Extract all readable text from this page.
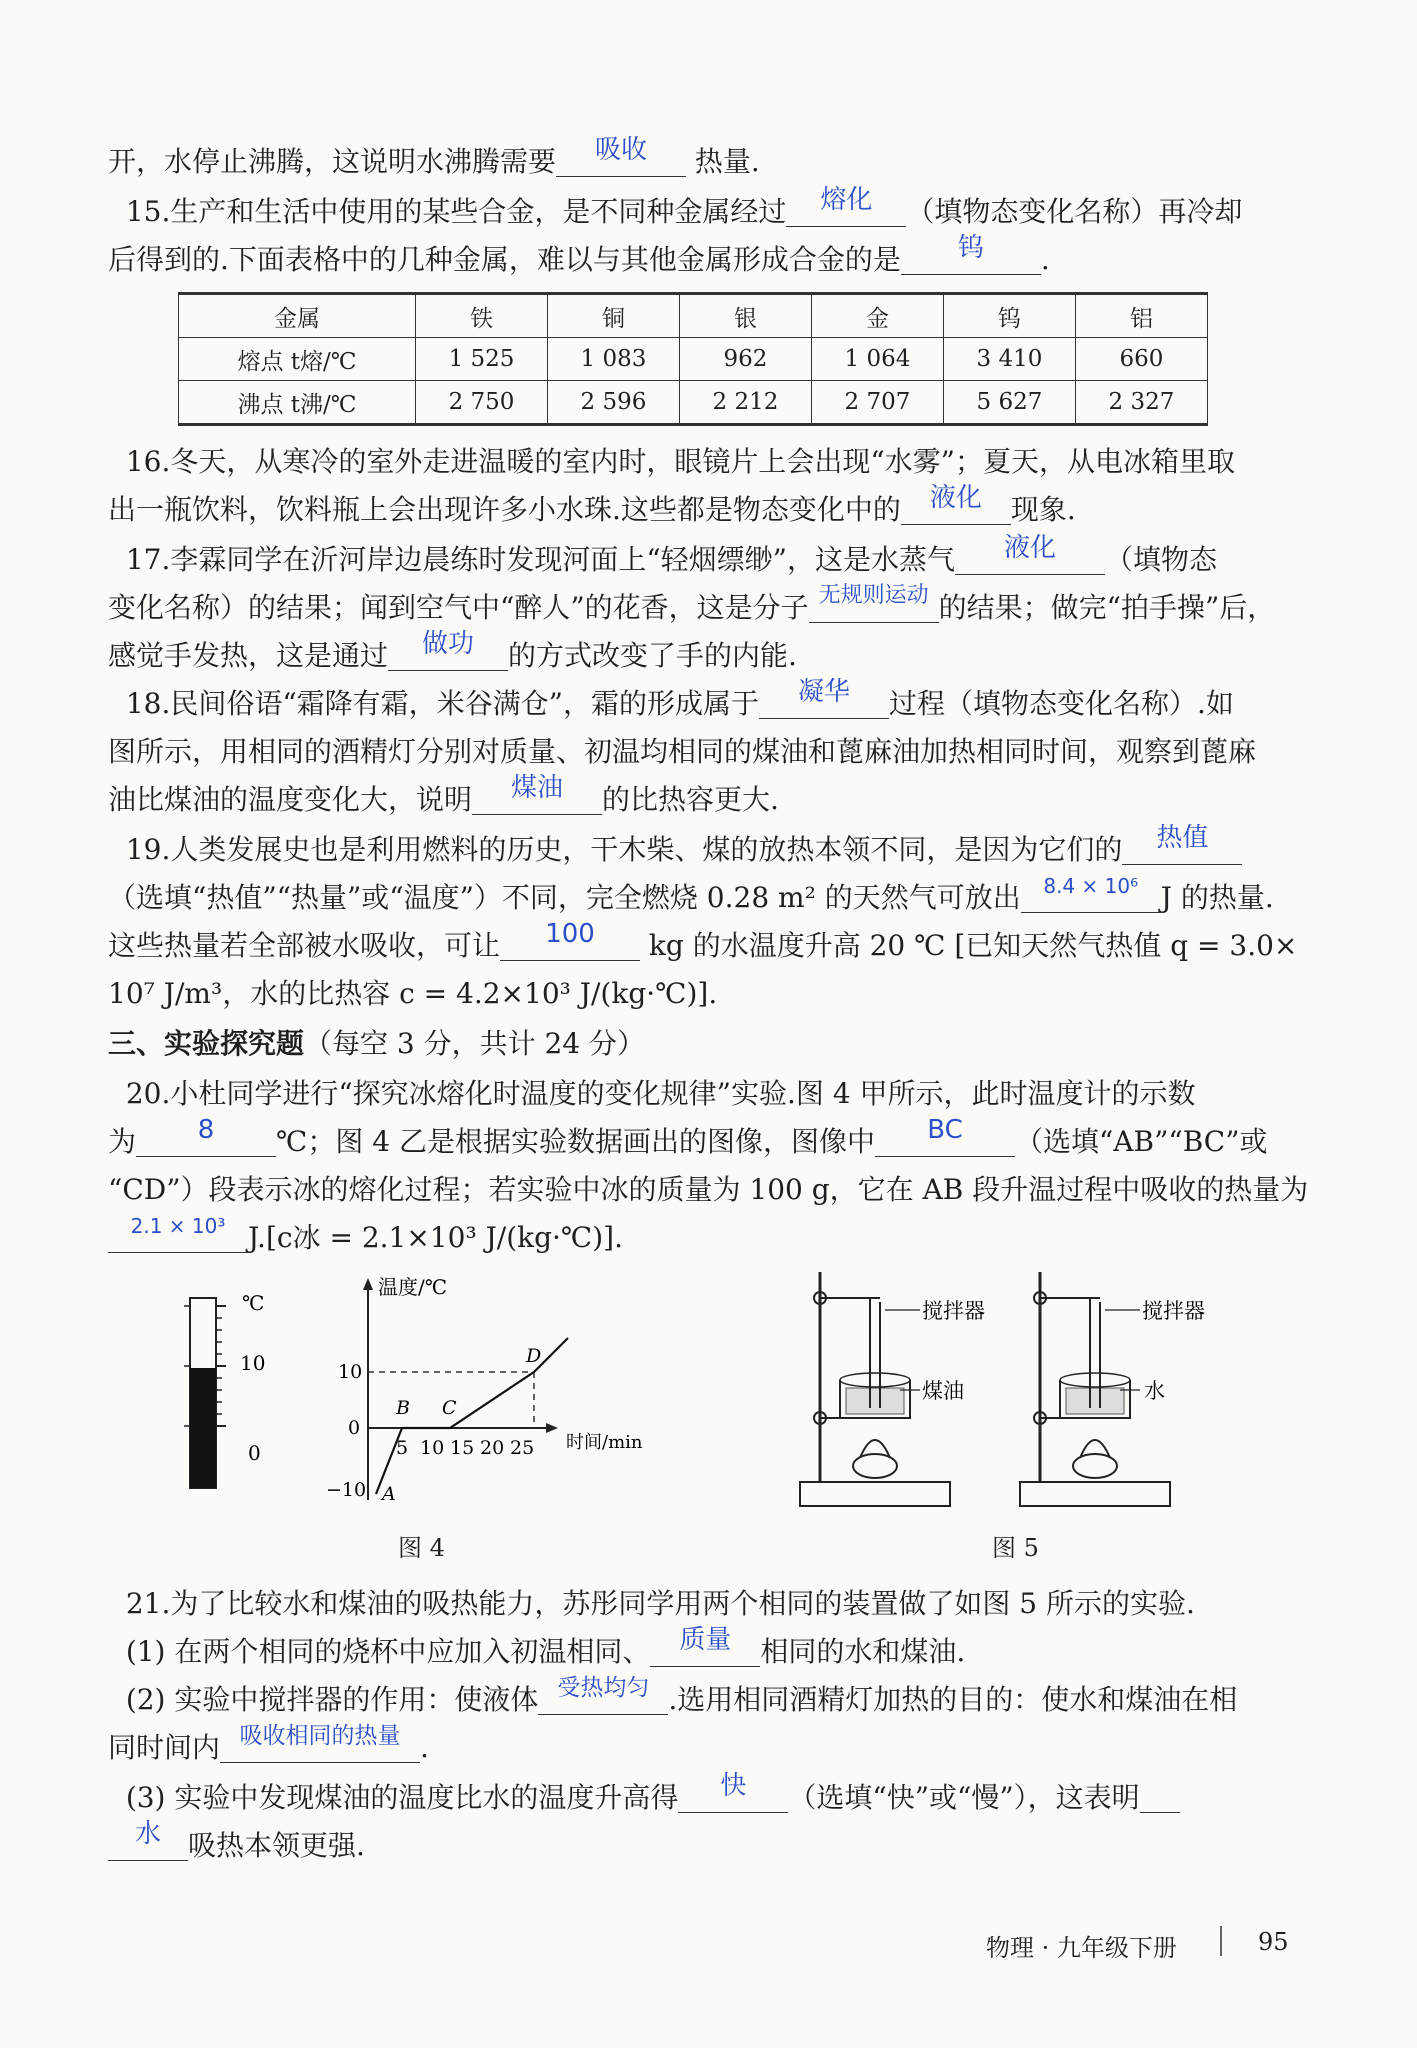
开，水停止沸腾，这说明水沸腾需要	吸收	热量.
15.生产和生活中使用的某些合金，是不同种金属经过	熔化	（填物态变化名称）再冷却
后得到的.下面表格中的几种金属，难以与其他金属形成合金的是	钨	.
金属	铁	铜	银	金	钨	铝
熔点 t熔/℃	1 525	1 083	962	1 064	3 410	660
沸点 t沸/℃	2 750	2 596	2 212	2 707	5 627	2 327
16.冬天，从寒冷的室外走进温暖的室内时，眼镜片上会出现“水雾”；夏天，从电冰箱里取
出一瓶饮料，饮料瓶上会出现许多小水珠.这些都是物态变化中的	液化	现象.
17.李霖同学在沂河岸边晨练时发现河面上“轻烟缥缈”，这是水蒸气	液化	（填物态
变化名称）的结果；闻到空气中“醉人”的花香，这是分子 无规则运动 的结果；做完“拍手操”后，
感觉手发热，这是通过	做功	的方式改变了手的内能.
18.民间俗语“霜降有霜，米谷满仓”，霜的形成属于	凝华	过程（填物态变化名称）.如
图所示，用相同的酒精灯分别对质量、初温均相同的煤油和蓖麻油加热相同时间，观察到蓖麻
油比煤油的温度变化大，说明	煤油	的比热容更大.
19.人类发展史也是利用燃料的历史，干木柴、煤的放热本领不同，是因为它们的	热值
（选填“热值”“热量”或“温度”）不同，完全燃烧 0.28 m² 的天然气可放出	8.4 × 10⁶ J 的热量.
这些热量若全部被水吸收，可让	100	kg 的水温度升高 20 ℃ [已知天然气热值 q = 3.0×
10⁷ J/m³，水的比热容 c = 4.2×10³ J/(kg·℃)].
三、实验探究题（每空 3 分，共计 24 分）
20.小杜同学进行“探究冰熔化时温度的变化规律”实验.图 4 甲所示，此时温度计的示数
为	8	℃；图 4 乙是根据实验数据画出的图像，图像中	BC	（选填“AB”“BC”或
“CD”）段表示冰的熔化过程；若实验中冰的质量为 100 g，它在 AB 段升温过程中吸收的热量为
2.1 × 10³ J.[c冰 = 2.1×10³ J/(kg·℃)].
℃
10
0
温度/℃
时间/min
10
0
−10
5 10 15 20 25
A
B C
D
图 4
搅拌器
煤油
搅拌器
水
图 5
21.为了比较水和煤油的吸热能力，苏彤同学用两个相同的装置做了如图 5 所示的实验.
(1) 在两个相同的烧杯中应加入初温相同、	质量	相同的水和煤油.
(2) 实验中搅拌器的作用：使液体 受热均匀 .选用相同酒精灯加热的目的：使水和煤油在相
同时间内 吸收相同的热量 .
(3) 实验中发现煤油的温度比水的温度升高得	快	（选填“快”或“慢”），这表明
水 吸热本领更强.
物理 · 九年级下册	95
